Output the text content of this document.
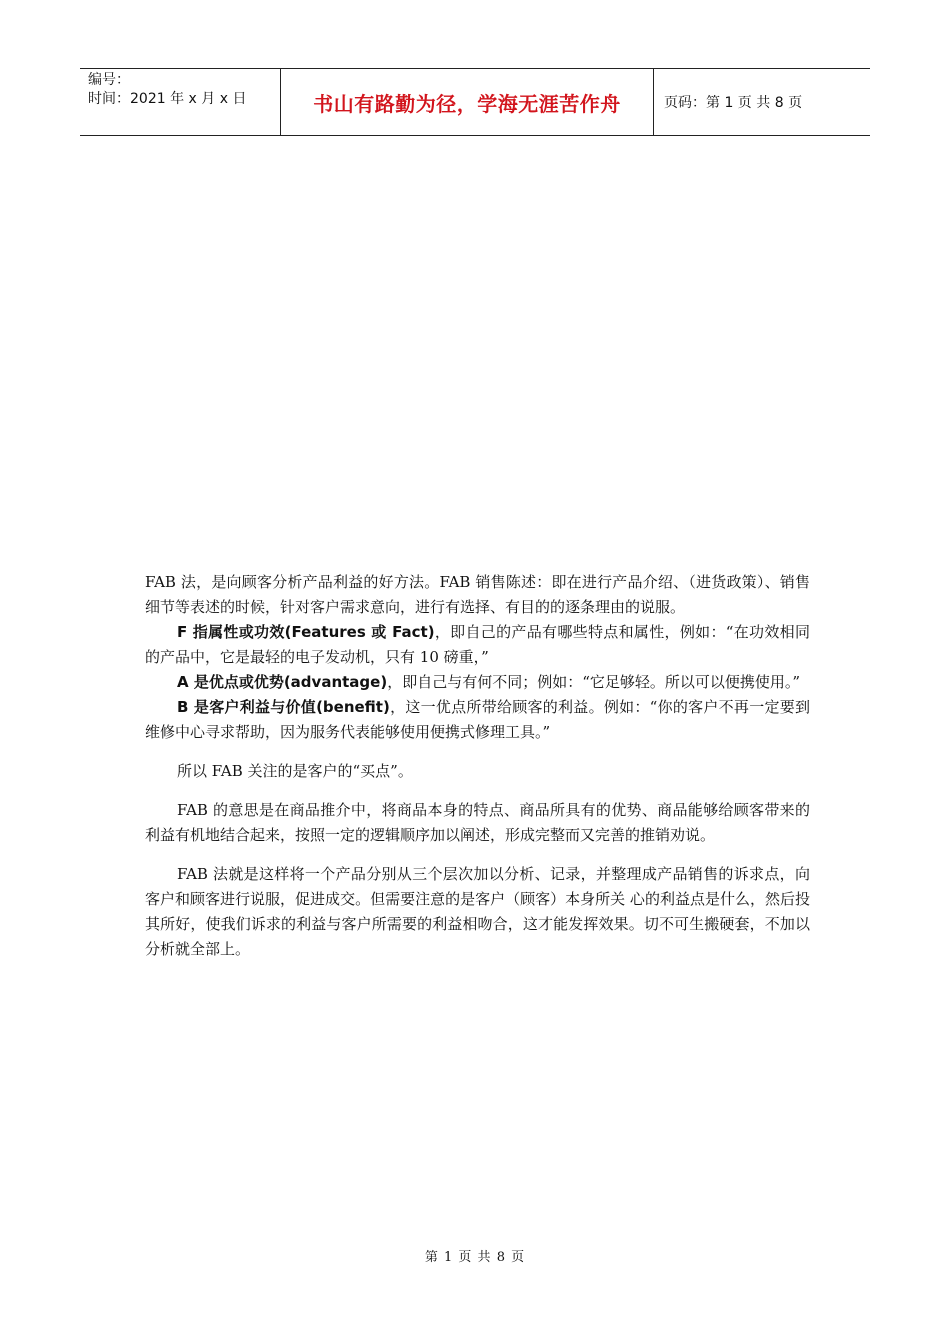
编号：
时间：2021 年 x 月 x 日	书山有路勤为径，学海无涯苦作舟	页码：第 1 页 共 8 页

FAB 法，是向顾客分析产品利益的好方法。FAB 销售陈述：即在进行产品介绍、（进货政策）、销售细节等表述的时候，针对客户需求意向，进行有选择、有目的的逐条理由的说服。

F 指属性或功效(Features 或 Fact)，即自己的产品有哪些特点和属性，例如：“在功效相同的产品中，它是最轻的电子发动机，只有 10 磅重，”

A 是优点或优势(advantage)，即自己与有何不同；例如：“它足够轻。所以可以便携使用。”

B 是客户利益与价值(benefit)，这一优点所带给顾客的利益。例如：“你的客户不再一定要到维修中心寻求帮助，因为服务代表能够使用便携式修理工具。”

所以 FAB 关注的是客户的“买点”。

FAB 的意思是在商品推介中，将商品本身的特点、商品所具有的优势、商品能够给顾客带来的利益有机地结合起来，按照一定的逻辑顺序加以阐述，形成完整而又完善的推销劝说。

FAB 法就是这样将一个产品分别从三个层次加以分析、记录，并整理成产品销售的诉求点，向客户和顾客进行说服，促进成交。但需要注意的是客户（顾客）本身所关 心的利益点是什么，然后投其所好，使我们诉求的利益与客户所需要的利益相吻合，这才能发挥效果。切不可生搬硬套，不加以分析就全部上。

第 1 页 共 8 页
